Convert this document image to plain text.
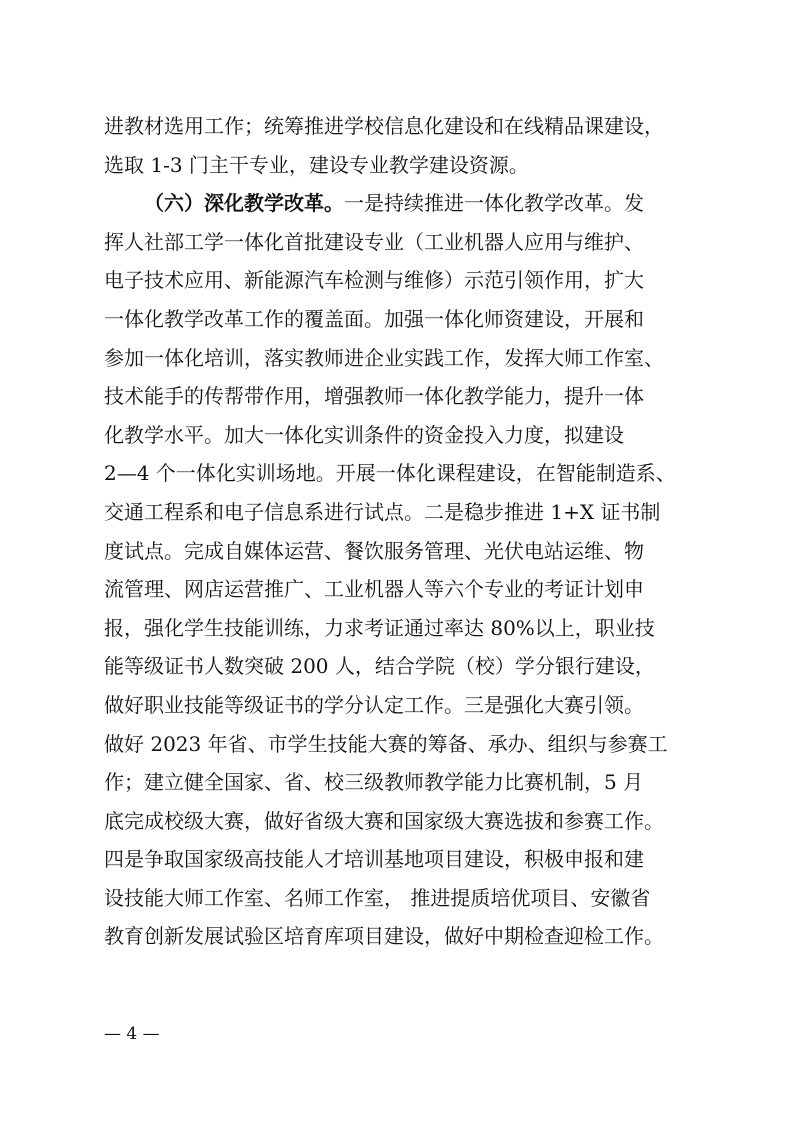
进教材选用工作；统筹推进学校信息化建设和在线精品课建设，
选取 1-3 门主干专业，建设专业教学建设资源。
（六）深化教学改革。一是持续推进一体化教学改革。发
挥人社部工学一体化首批建设专业（工业机器人应用与维护、
电子技术应用、新能源汽车检测与维修）示范引领作用，扩大
一体化教学改革工作的覆盖面。加强一体化师资建设，开展和
参加一体化培训，落实教师进企业实践工作，发挥大师工作室、
技术能手的传帮带作用，增强教师一体化教学能力，提升一体
化教学水平。加大一体化实训条件的资金投入力度，拟建设
2—4 个一体化实训场地。开展一体化课程建设，在智能制造系、
交通工程系和电子信息系进行试点。二是稳步推进 1+X 证书制
度试点。完成自媒体运营、餐饮服务管理、光伏电站运维、物
流管理、网店运营推广、工业机器人等六个专业的考证计划申
报，强化学生技能训练，力求考证通过率达 80%以上，职业技
能等级证书人数突破 200 人，结合学院（校）学分银行建设，
做好职业技能等级证书的学分认定工作。三是强化大赛引领。
做好 2023 年省、市学生技能大赛的筹备、承办、组织与参赛工
作；建立健全国家、省、校三级教师教学能力比赛机制，5 月
底完成校级大赛，做好省级大赛和国家级大赛选拔和参赛工作。
四是争取国家级高技能人才培训基地项目建设，积极申报和建
设技能大师工作室、名师工作室， 推进提质培优项目、安徽省
教育创新发展试验区培育库项目建设，做好中期检查迎检工作。
— 4 —
